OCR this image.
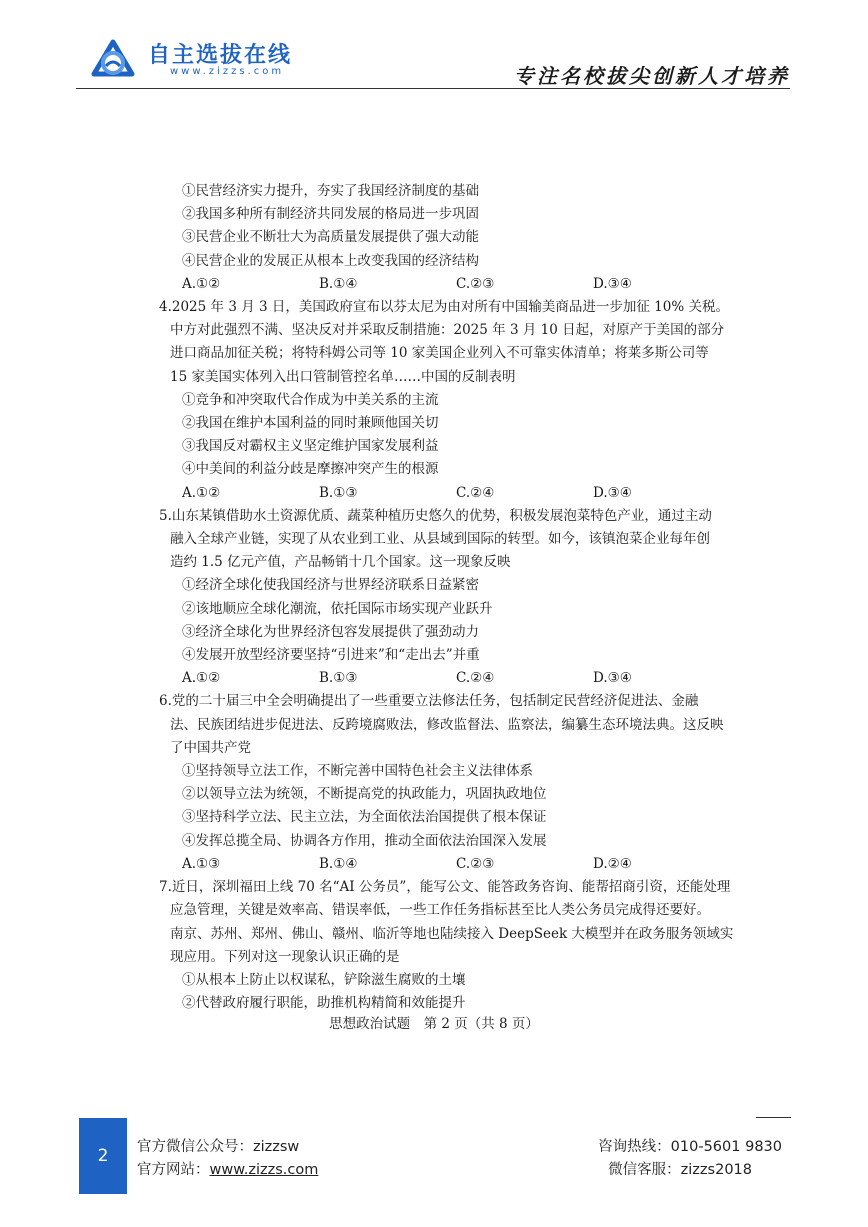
自主选拔在线
www.zizzs.com	专注名校拔尖创新人才培养
①民营经济实力提升，夯实了我国经济制度的基础
②我国多种所有制经济共同发展的格局进一步巩固
③民营企业不断壮大为高质量发展提供了强大动能
④民营企业的发展正从根本上改变我国的经济结构
A.①②	B.①④	C.②③	D.③④
4.2025 年 3 月 3 日，美国政府宣布以芬太尼为由对所有中国输美商品进一步加征 10% 关税。
中方对此强烈不满、坚决反对并采取反制措施：2025 年 3 月 10 日起，对原产于美国的部分
进口商品加征关税；将特科姆公司等 10 家美国企业列入不可靠实体清单；将莱多斯公司等
15 家美国实体列入出口管制管控名单……中国的反制表明
①竞争和冲突取代合作成为中美关系的主流
②我国在维护本国利益的同时兼顾他国关切
③我国反对霸权主义坚定维护国家发展利益
④中美间的利益分歧是摩擦冲突产生的根源
A.①②	B.①③	C.②④	D.③④
5.山东某镇借助水土资源优质、蔬菜种植历史悠久的优势，积极发展泡菜特色产业，通过主动
融入全球产业链，实现了从农业到工业、从县域到国际的转型。如今，该镇泡菜企业每年创
造约 1.5 亿元产值，产品畅销十几个国家。这一现象反映
①经济全球化使我国经济与世界经济联系日益紧密
②该地顺应全球化潮流，依托国际市场实现产业跃升
③经济全球化为世界经济包容发展提供了强劲动力
④发展开放型经济要坚持“引进来”和“走出去”并重
A.①②	B.①③	C.②④	D.③④
6.党的二十届三中全会明确提出了一些重要立法修法任务，包括制定民营经济促进法、金融
法、民族团结进步促进法、反跨境腐败法，修改监督法、监察法，编纂生态环境法典。这反映
了中国共产党
①坚持领导立法工作，不断完善中国特色社会主义法律体系
②以领导立法为统领，不断提高党的执政能力，巩固执政地位
③坚持科学立法、民主立法，为全面依法治国提供了根本保证
④发挥总揽全局、协调各方作用，推动全面依法治国深入发展
A.①③	B.①④	C.②③	D.②④
7.近日，深圳福田上线 70 名“AI 公务员”，能写公文、能答政务咨询、能帮招商引资，还能处理
应急管理，关键是效率高、错误率低，一些工作任务指标甚至比人类公务员完成得还要好。
南京、苏州、郑州、佛山、赣州、临沂等地也陆续接入 DeepSeek 大模型并在政务服务领域实
现应用。下列对这一现象认识正确的是
①从根本上防止以权谋私，铲除滋生腐败的土壤
②代替政府履行职能，助推机构精简和效能提升
思想政治试题　第 2 页（共 8 页）
2	官方微信公众号：zizzsw
官方网站：www.zizzs.com
咨询热线：010-5601 9830
微信客服：zizzs2018
